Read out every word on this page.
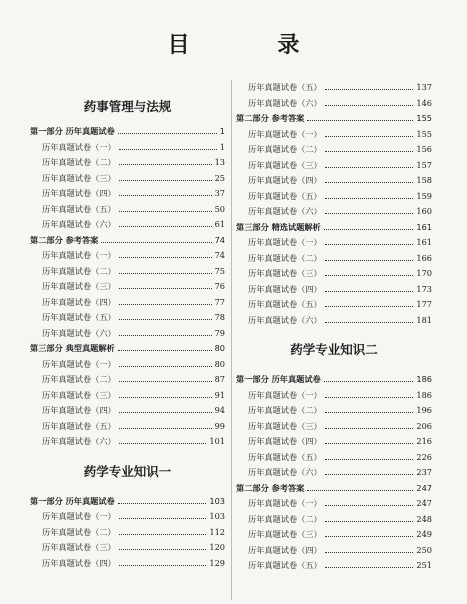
目 录
药事管理与法规
第一部分 历年真题试卷	1
历年真题试卷（一）	1
历年真题试卷（二）	13
历年真题试卷（三）	25
历年真题试卷（四）	37
历年真题试卷（五）	50
历年真题试卷（六）	61
第二部分 参考答案	74
历年真题试卷（一）	74
历年真题试卷（二）	75
历年真题试卷（三）	76
历年真题试卷（四）	77
历年真题试卷（五）	78
历年真题试卷（六）	79
第三部分 典型真题解析	80
历年真题试卷（一）	80
历年真题试卷（二）	87
历年真题试卷（三）	91
历年真题试卷（四）	94
历年真题试卷（五）	99
历年真题试卷（六）	101
药学专业知识一
第一部分 历年真题试卷	103
历年真题试卷（一）	103
历年真题试卷（二）	112
历年真题试卷（三）	120
历年真题试卷（四）	129
历年真题试卷（五）	137
历年真题试卷（六）	146
第二部分 参考答案	155
历年真题试卷（一）	155
历年真题试卷（二）	156
历年真题试卷（三）	157
历年真题试卷（四）	158
历年真题试卷（五）	159
历年真题试卷（六）	160
第三部分 精选试题解析	161
历年真题试卷（一）	161
历年真题试卷（二）	166
历年真题试卷（三）	170
历年真题试卷（四）	173
历年真题试卷（五）	177
历年真题试卷（六）	181
药学专业知识二
第一部分 历年真题试卷	186
历年真题试卷（一）	186
历年真题试卷（二）	196
历年真题试卷（三）	206
历年真题试卷（四）	216
历年真题试卷（五）	226
历年真题试卷（六）	237
第二部分 参考答案	247
历年真题试卷（一）	247
历年真题试卷（二）	248
历年真题试卷（三）	249
历年真题试卷（四）	250
历年真题试卷（五）	251
